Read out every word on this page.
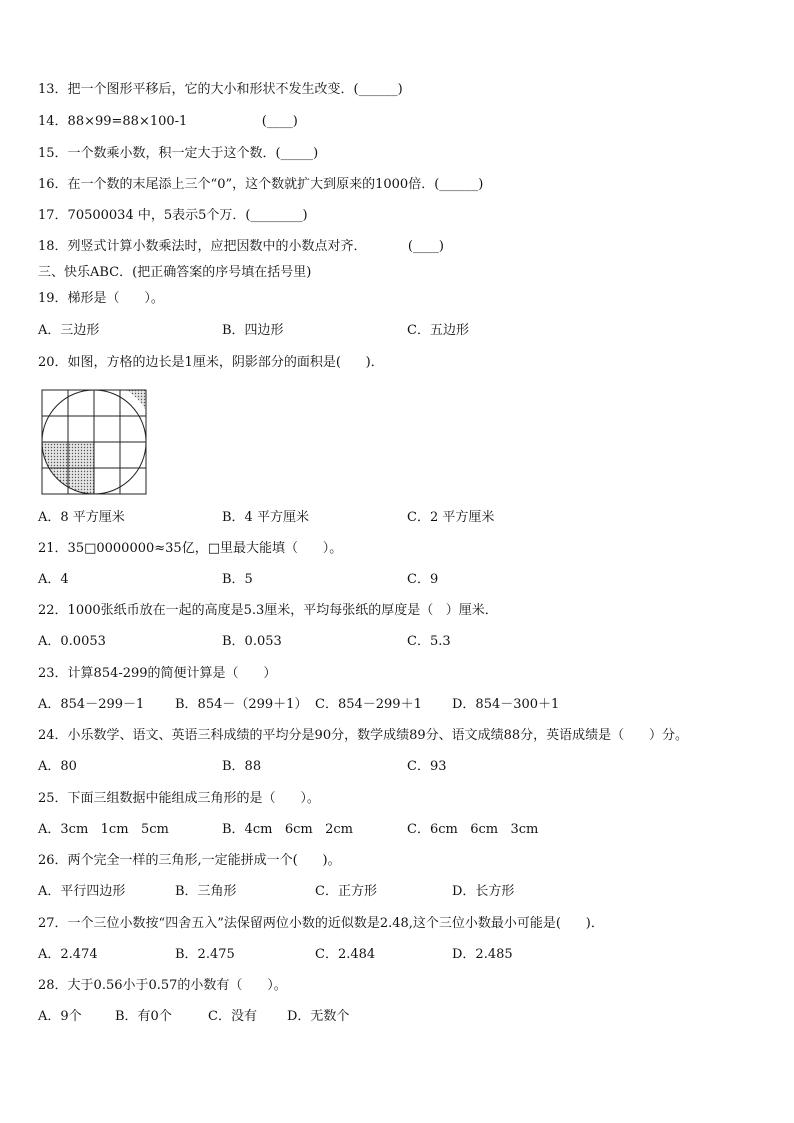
13．把一个图形平移后，它的大小和形状不发生改变．(______)
14．88×99=88×100-1                  (____)
15．一个数乘小数，积一定大于这个数．(_____)
16．在一个数的末尾添上三个“0”，这个数就扩大到原来的1000倍．(______)
17．70500034 中，5表示5个万．(________)
18．列竖式计算小数乘法时，应把因数中的小数点对齐．          (____)
三、快乐ABC．(把正确答案的序号填在括号里)
19．梯形是（      ）。
A．三边形	B．四边形	C．五边形
20．如图，方格的边长是1厘米，阴影部分的面积是(      )．
A．8 平方厘米	B．4 平方厘米	C．2 平方厘米
21．35□0000000≈35亿，□里最大能填（      ）。
A．4	B．5	C．9
22．1000张纸币放在一起的高度是5.3厘米，平均每张纸的厚度是（   ）厘米．
A．0.0053	B．0.053	C．5.3
23．计算854-299的简便计算是（      ）
A．854－299－1 B．854－（299＋1） C．854－299＋1 D．854－300＋1
24．小乐数学、语文、英语三科成绩的平均分是90分，数学成绩89分、语文成绩88分，英语成绩是（      ）分。
A．80	B．88	C．93
25．下面三组数据中能组成三角形的是（      ）。
A．3cm   1cm   5cm	B．4cm   6cm   2cm	C．6cm   6cm   3cm
26．两个完全一样的三角形,一定能拼成一个(      )。
A．平行四边形	B．三角形	C．正方形	D．长方形
27．一个三位小数按“四舍五入”法保留两位小数的近似数是2.48,这个三位小数最小可能是(      )．
A．2.474	B．2.475	C．2.484	D．2.485
28．大于0.56小于0.57的小数有（      ）。
A．9个	B．有0个	C．没有 D．无数个
